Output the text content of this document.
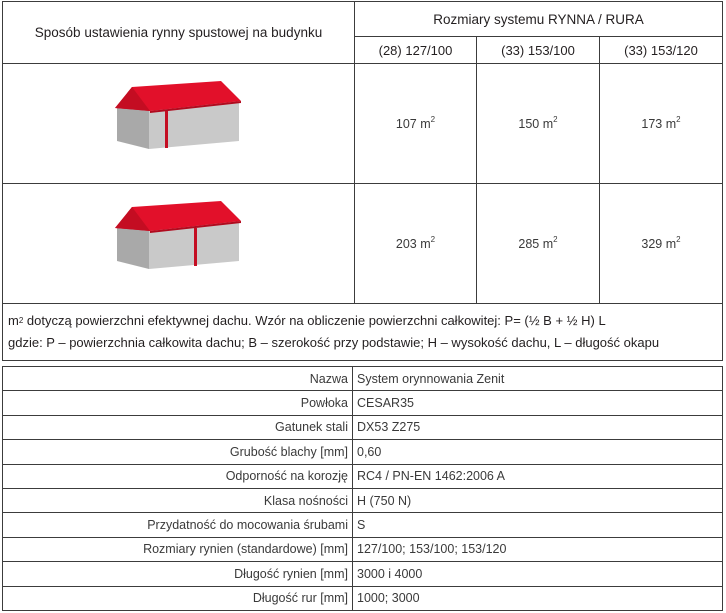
Sposób ustawienia rynny spustowej na budynku	Rozmiary systemu RYNNA / RURA		
	(28) 127/100	(33) 153/100	(33) 153/120
	107 $m^2$	150 $m^2$	173 $m^2$
	203 $m^2$	285 $m^2$	329 $m^2$

$m^2$ dotyczą powierzchni efektywnej dachu. Wzór na obliczenie powierzchni całkowitej: P= (½ B + ½ H) L
gdzie: P – powierzchnia całkowita dachu; B – szerokość przy podstawie; H – wysokość dachu, L – długość okapu			
Nazwa	System orynnowania Zenit
Powłoka	CESAR35
Gatunek stali	DX53 Z275
Grubość blachy [mm]	0,60
Odporność na korozję	RC4 / PN-EN 1462:2006 A
Klasa nośności	H (750 N)
Przydatność do mocowania śrubami	S
Rozmiary rynien (standardowe) [mm]	127/100; 153/100; 153/120
Długość rynien [mm]	3000 i 4000
Długość rur [mm]	1000; 3000
